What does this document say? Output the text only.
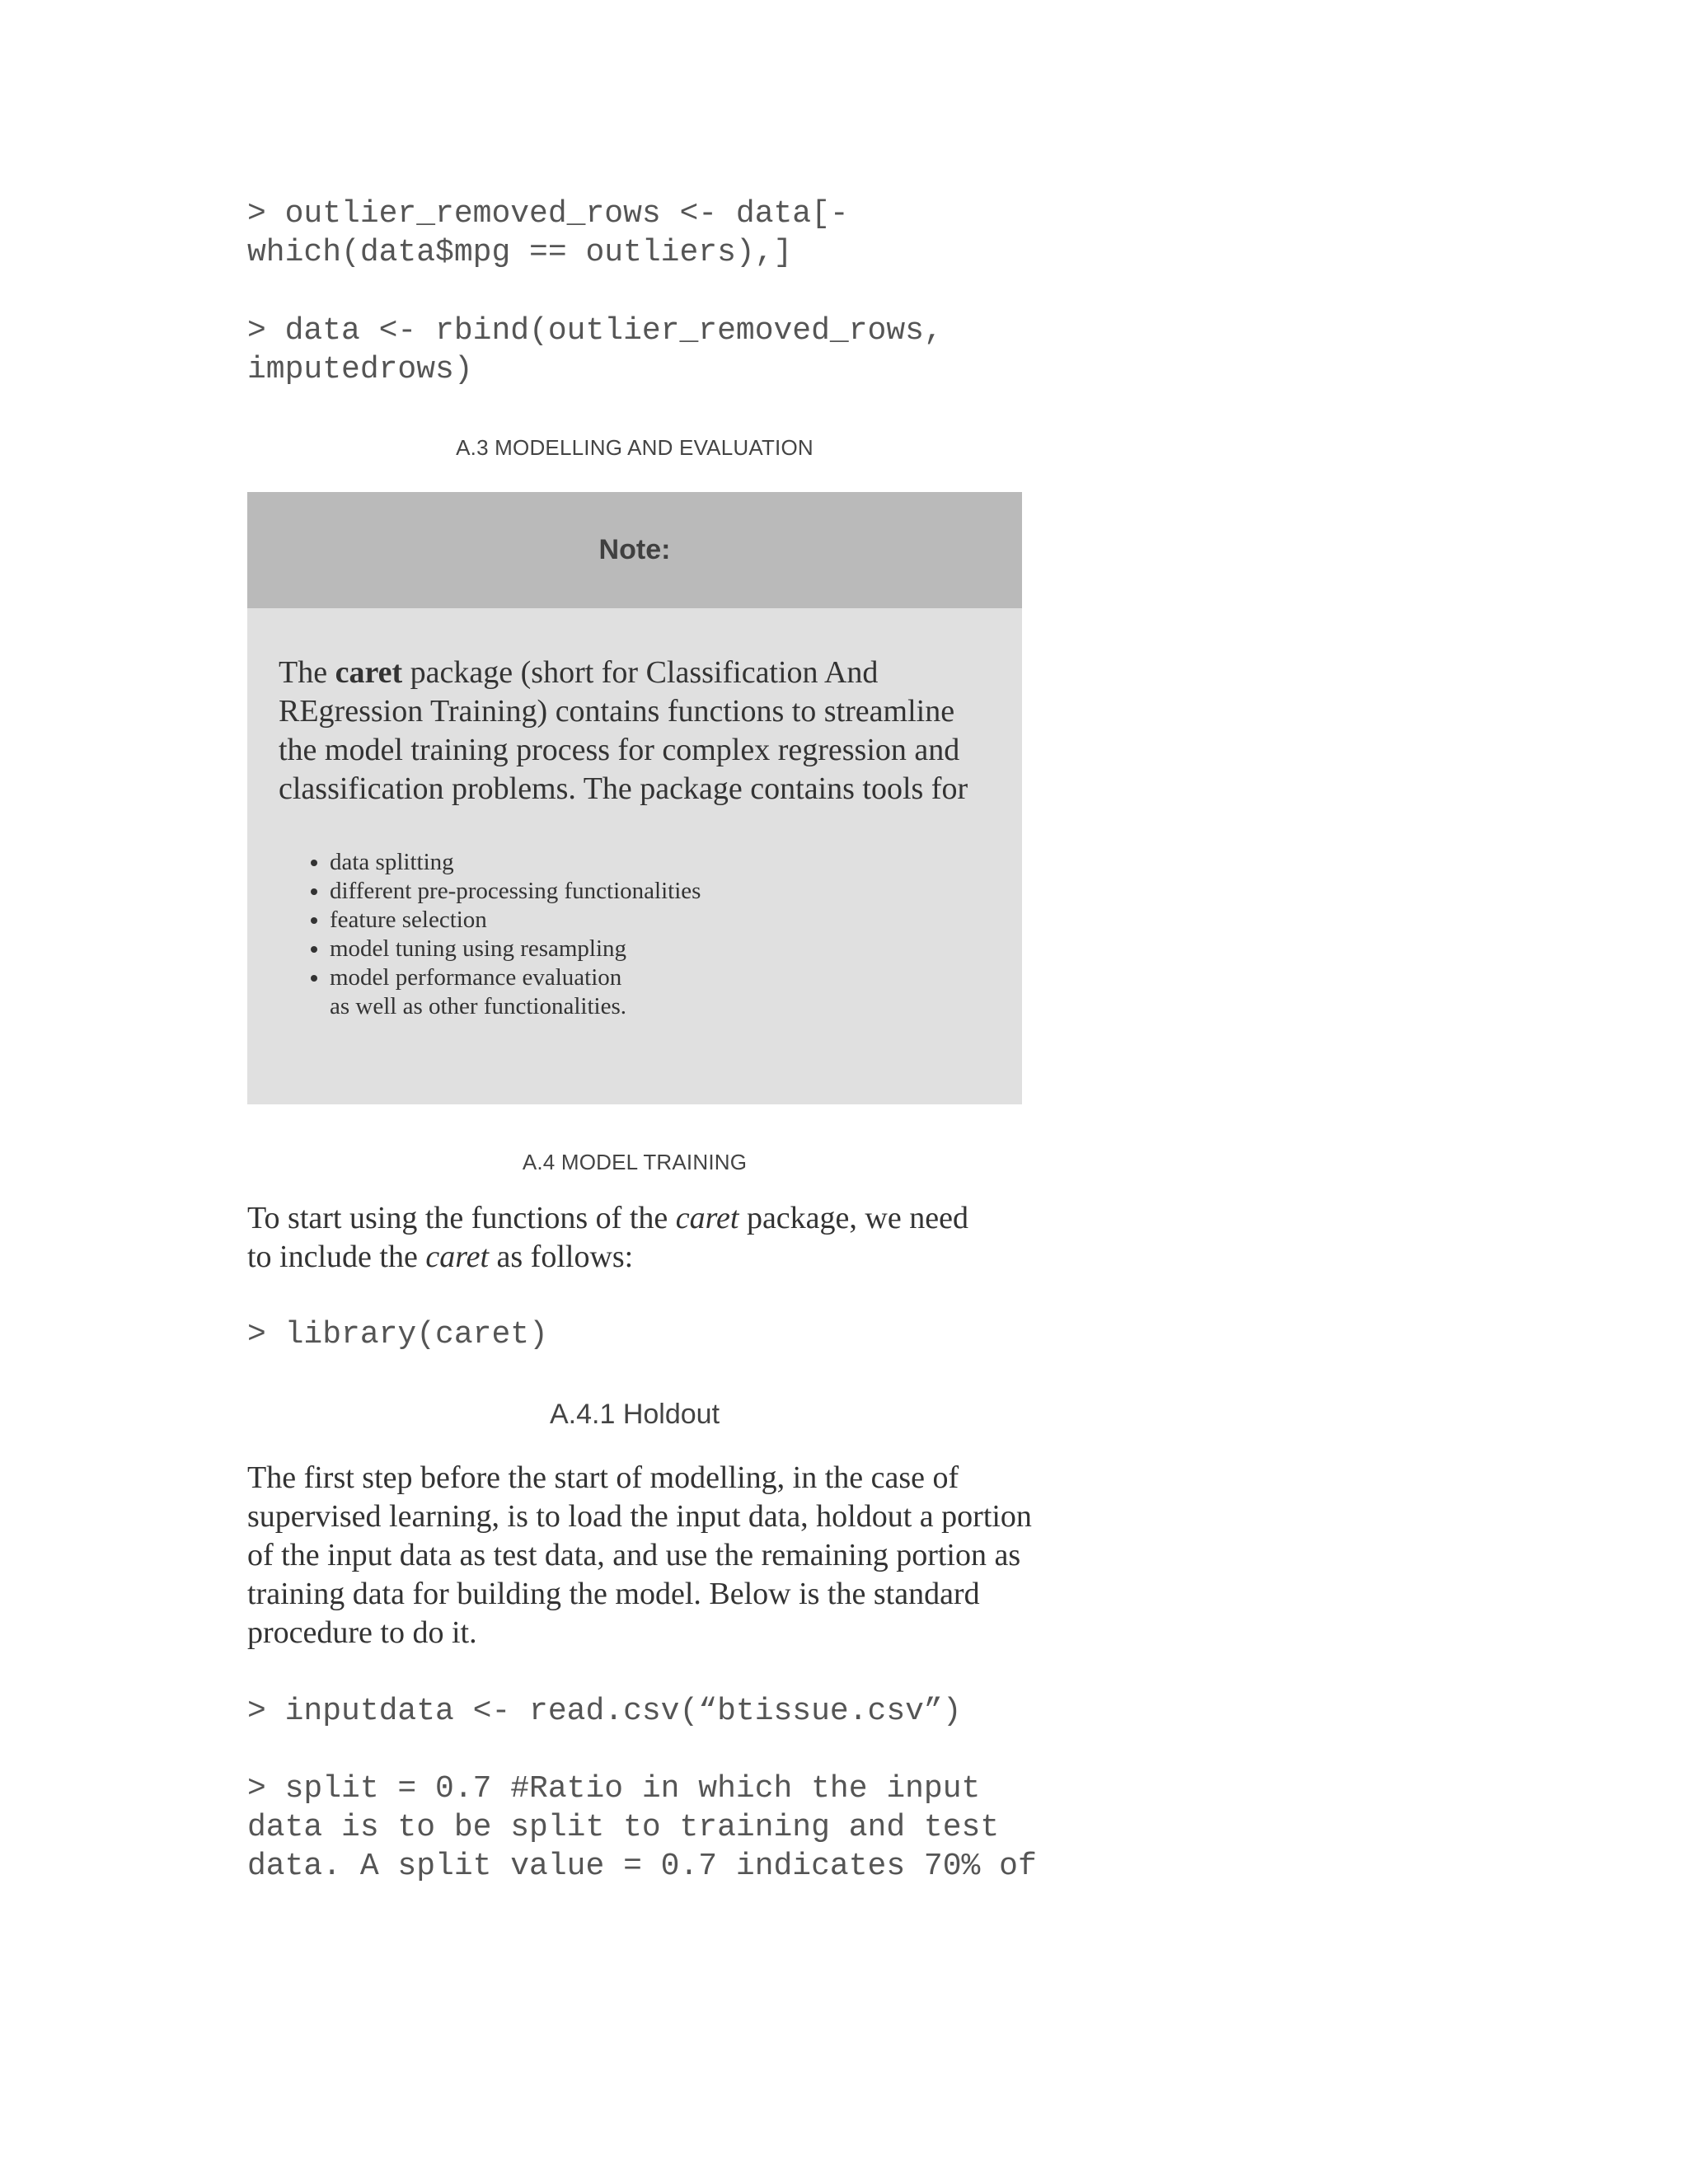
> outlier_removed_rows <- data[-
which(data$mpg == outliers),]
> data <- rbind(outlier_removed_rows,
imputedrows)
A.3 MODELLING AND EVALUATION
Note:

The caret package (short for Classification And REgression Training) contains functions to streamline the model training process for complex regression and classification problems. The package contains tools for

• data splitting
• different pre-processing functionalities
• feature selection
• model tuning using resampling
• model performance evaluation
as well as other functionalities.
A.4 MODEL TRAINING

To start using the functions of the caret package, we need to include the caret as follows:

> library(caret)
A.4.1 Holdout

The first step before the start of modelling, in the case of supervised learning, is to load the input data, holdout a portion of the input data as test data, and use the remaining portion as training data for building the model. Below is the standard procedure to do it.

> inputdata <- read.csv(“btissue.csv”)
> split = 0.7 #Ratio in which the input
data is to be split to training and test
data. A split value = 0.7 indicates 70% of
